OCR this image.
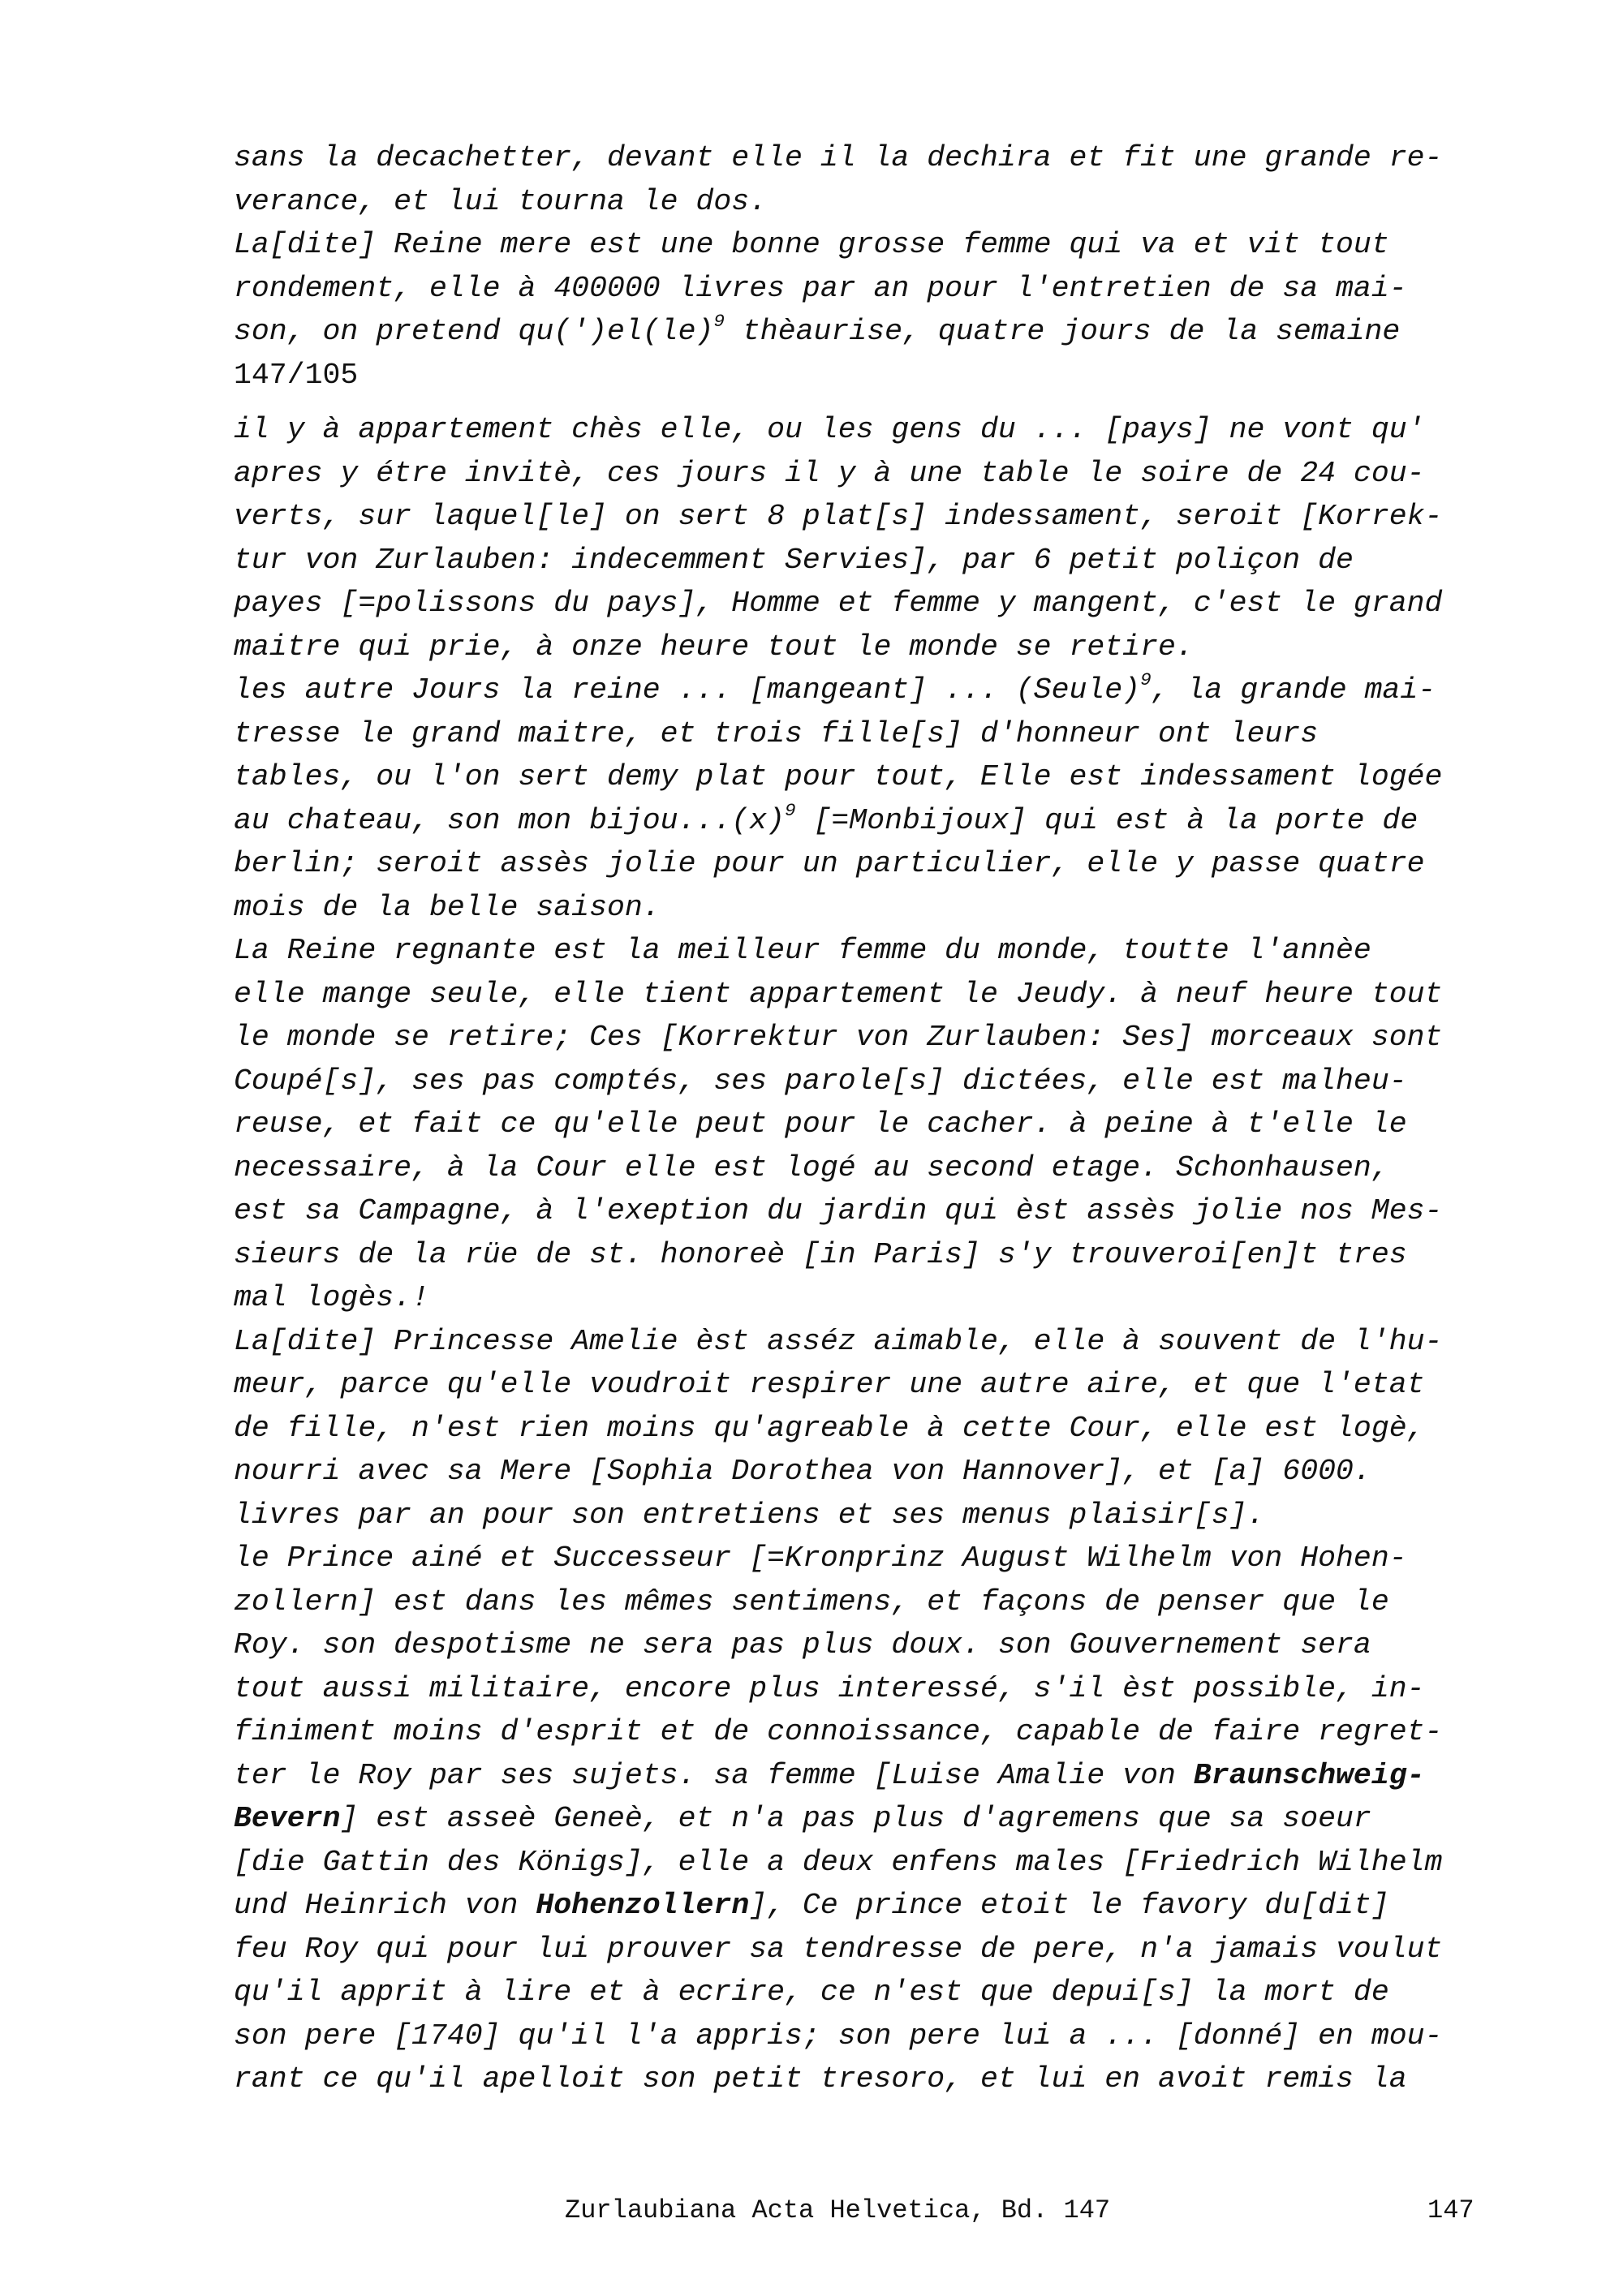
sans la decachetter, devant elle il la dechira et fit une grande re-
verance, et lui tourna le dos.
La[dite] Reine mere est une bonne grosse femme qui va et vit tout
rondement, elle à 400000 livres par an pour l'entretien de sa mai-
son, on pretend qu(')el(le)$^9$ thèaurise, quatre jours de la semaine
147/105
il y à appartement chès elle, ou les gens du ... [pays] ne vont qu'
apres y étre invitè, ces jours il y à une table le soire de 24 cou-
verts, sur laquel[le] on sert 8 plat[s] indessament, seroit [Korrek-
tur von Zurlauben: indecemment Servies], par 6 petit poliçon de
payes [=polissons du pays], Homme et femme y mangent, c'est le grand
maitre qui prie, à onze heure tout le monde se retire.
les autre Jours la reine ... [mangeant] ... (Seule)$^9$, la grande mai-
tresse le grand maitre, et trois fille[s] d'honneur ont leurs
tables, ou l'on sert demy plat pour tout, Elle est indessament logée
au chateau, son mon $bijou...(x)^9$ [=Monbijoux] qui est à la porte de
berlin; seroit assès jolie pour un particulier, elle y passe quatre
mois de la belle saison.
La Reine regnante est la meilleur femme du monde, toutte l'annèe
elle mange seule, elle tient appartement le Jeudy. à neuf heure tout
le monde se retire; Ces [Korrektur von Zurlauben: Ses] morceaux sont
Coupé[s], ses pas comptés, ses parole[s] dictées, elle est malheu-
reuse, et fait ce qu'elle peut pour le cacher. à peine à t'elle le
necessaire, à la Cour elle est logé au second etage. Schonhausen,
est sa Campagne, à l'exeption du jardin qui èst assès jolie nos Mes-
sieurs de la rüe de st. honoreè [in Paris] s'y trouveroi[en]t tres
mal logès.!
La[dite] Princesse Amelie èst asséz aimable, elle à souvent de l'hu-
meur, parce qu'elle voudroit respirer une autre aire, et que l'etat
de fille, n'est rien moins qu'agreable à cette Cour, elle est logè,
nourri avec sa Mere [Sophia Dorothea von Hannover], et [a] 6000.
livres par an pour son entretiens et ses menus plaisir[s].
le Prince ainé et Successeur [=Kronprinz August Wilhelm von Hohen-
zollern] est dans les mêmes sentimens, et façons de penser que le
Roy. son despotisme ne sera pas plus doux. son Gouvernement sera
tout aussi militaire, encore plus interessé, s'il èst possible, in-
finiment moins d'esprit et de connoissance, capable de faire regret-
ter le Roy par ses sujets. sa femme [Luise Amalie von Braunschweig-
Bevern] est asseè Geneè, et n'a pas plus d'agremens que sa soeur
[die Gattin des Königs], elle a deux enfens males [Friedrich Wilhelm
und Heinrich von Hohenzollern], Ce prince etoit le favory du[dit]
feu Roy qui pour lui prouver sa tendresse de pere, n'a jamais voulut
qu'il apprit à lire et à ecrire, ce n'est que depui[s] la mort de
son pere [1740] qu'il l'a appris; son pere lui a ... [donné] en mou-
rant ce qu'il apelloit son petit tresoro, et lui en avoit remis la
Zurlaubiana Acta Helvetica, Bd. 147	147
